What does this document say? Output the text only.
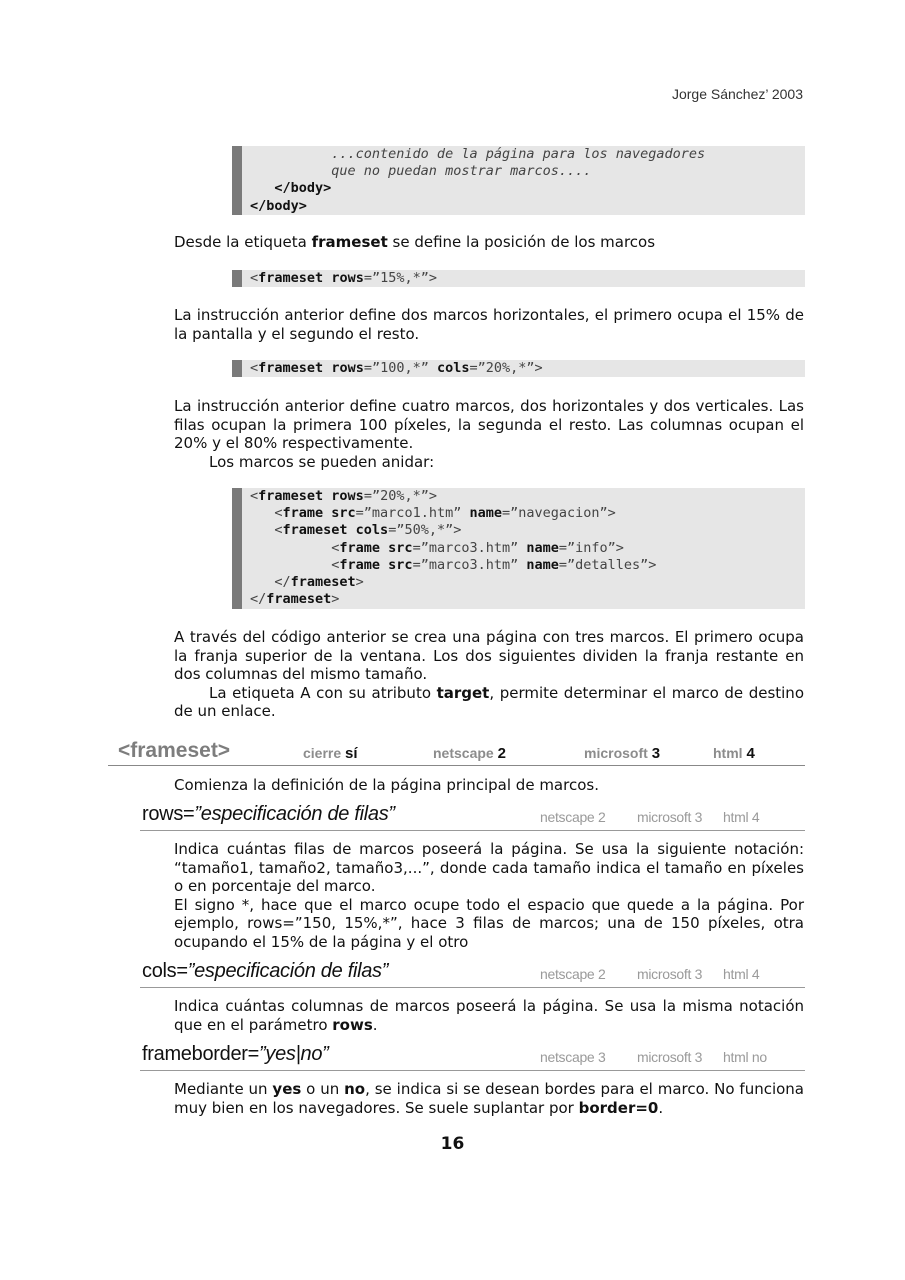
Jorge Sánchez’ 2003
...contenido de la página para los navegadores
que no puedan mostrar marcos....
</body>
</body>

Desde la etiqueta frameset se define la posición de los marcos

<frameset rows=”15%,*”>

La instrucción anterior define dos marcos horizontales, el primero ocupa el 15% de la pantalla y el segundo el resto.

<frameset rows=”100,*” cols=”20%,*”>

La instrucción anterior define cuatro marcos, dos horizontales y dos verticales. Las filas ocupan la primera 100 píxeles, la segunda el resto. Las columnas ocupan el 20% y el 80% respectivamente.

Los marcos se pueden anidar:

<frameset rows=”20%,*”>
<frame src=”marco1.htm” name=”navegacion”>
<frameset cols=”50%,*”>
<frame src=”marco3.htm” name=”info”>
<frame src=”marco3.htm” name=”detalles”>
</frameset>
</frameset>

A través del código anterior se crea una página con tres marcos. El primero ocupa la franja superior de la ventana. Los dos siguientes dividen la franja restante en dos columnas del mismo tamaño.

La etiqueta A con su atributo target, permite determinar el marco de destino de un enlace.

<frameset>	cierre sí	netscape 2	microsoft 3	html 4

Comienza la definición de la página principal de marcos.

rows=”especificación de filas”	netscape 2 microsoft 3 html 4

Indica cuántas filas de marcos poseerá la página. Se usa la siguiente notación: “tamaño1, tamaño2, tamaño3,...”, donde cada tamaño indica el tamaño en píxeles o en porcentaje del marco.

El signo *, hace que el marco ocupe todo el espacio que quede a la página. Por ejemplo, rows=”150, 15%,*”, hace 3 filas de marcos; una de 150 píxeles, otra ocupando el 15% de la página y el otro

cols=”especificación de filas”	netscape 2 microsoft 3 html 4

Indica cuántas columnas de marcos poseerá la página. Se usa la misma notación que en el parámetro rows.

frameborder=”yes|no”	netscape 3 microsoft 3 html no

Mediante un yes o un no, se indica si se desean bordes para el marco. No funciona muy bien en los navegadores. Se suele suplantar por border=0.

16
